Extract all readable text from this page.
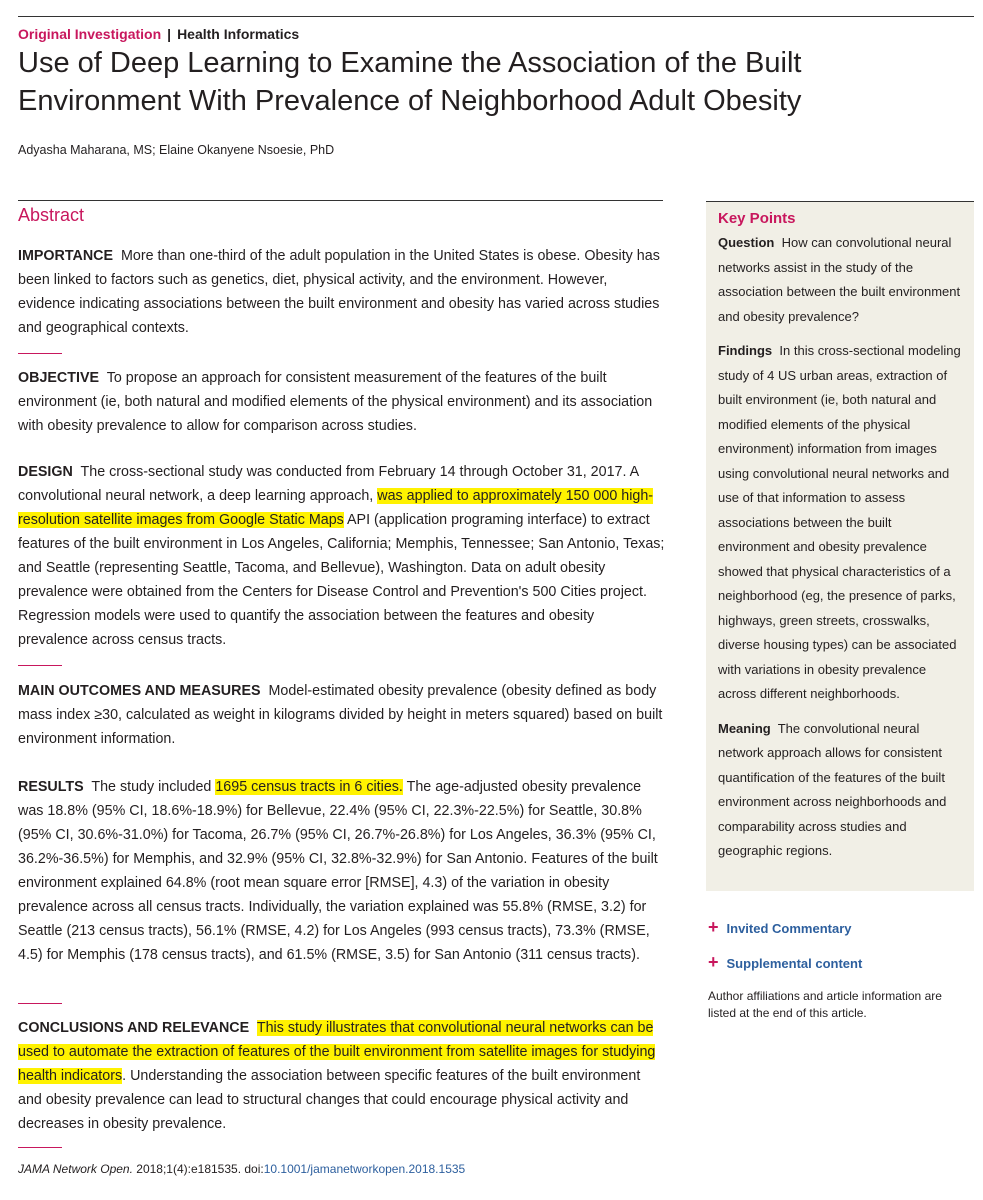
Original Investigation | Health Informatics
Use of Deep Learning to Examine the Association of the Built Environment With Prevalence of Neighborhood Adult Obesity
Adyasha Maharana, MS; Elaine Okanyene Nsoesie, PhD
Abstract

IMPORTANCE More than one-third of the adult population in the United States is obese. Obesity has been linked to factors such as genetics, diet, physical activity, and the environment. However, evidence indicating associations between the built environment and obesity has varied across studies and geographical contexts.

OBJECTIVE To propose an approach for consistent measurement of the features of the built environment (ie, both natural and modified elements of the physical environment) and its association with obesity prevalence to allow for comparison across studies.

DESIGN The cross-sectional study was conducted from February 14 through October 31, 2017. A convolutional neural network, a deep learning approach, was applied to approximately 150 000 high-resolution satellite images from Google Static Maps API (application programing interface) to extract features of the built environment in Los Angeles, California; Memphis, Tennessee; San Antonio, Texas; and Seattle (representing Seattle, Tacoma, and Bellevue), Washington. Data on adult obesity prevalence were obtained from the Centers for Disease Control and Prevention's 500 Cities project. Regression models were used to quantify the association between the features and obesity prevalence across census tracts.

MAIN OUTCOMES AND MEASURES Model-estimated obesity prevalence (obesity defined as body mass index ≥30, calculated as weight in kilograms divided by height in meters squared) based on built environment information.

RESULTS The study included 1695 census tracts in 6 cities. The age-adjusted obesity prevalence was 18.8% (95% CI, 18.6%-18.9%) for Bellevue, 22.4% (95% CI, 22.3%-22.5%) for Seattle, 30.8% (95% CI, 30.6%-31.0%) for Tacoma, 26.7% (95% CI, 26.7%-26.8%) for Los Angeles, 36.3% (95% CI, 36.2%-36.5%) for Memphis, and 32.9% (95% CI, 32.8%-32.9%) for San Antonio. Features of the built environment explained 64.8% (root mean square error [RMSE], 4.3) of the variation in obesity prevalence across all census tracts. Individually, the variation explained was 55.8% (RMSE, 3.2) for Seattle (213 census tracts), 56.1% (RMSE, 4.2) for Los Angeles (993 census tracts), 73.3% (RMSE, 4.5) for Memphis (178 census tracts), and 61.5% (RMSE, 3.5) for San Antonio (311 census tracts).

CONCLUSIONS AND RELEVANCE This study illustrates that convolutional neural networks can be used to automate the extraction of features of the built environment from satellite images for studying health indicators. Understanding the association between specific features of the built environment and obesity prevalence can lead to structural changes that could encourage physical activity and decreases in obesity prevalence.

JAMA Network Open. 2018;1(4):e181535. doi:10.1001/jamanetworkopen.2018.1535
Key Points

Question How can convolutional neural networks assist in the study of the association between the built environment and obesity prevalence?

Findings In this cross-sectional modeling study of 4 US urban areas, extraction of built environment (ie, both natural and modified elements of the physical environment) information from images using convolutional neural networks and use of that information to assess associations between the built environment and obesity prevalence showed that physical characteristics of a neighborhood (eg, the presence of parks, highways, green streets, crosswalks, diverse housing types) can be associated with variations in obesity prevalence across different neighborhoods.

Meaning The convolutional neural network approach allows for consistent quantification of the features of the built environment across neighborhoods and comparability across studies and geographic regions.

+ Invited Commentary
+ Supplemental content
Author affiliations and article information are listed at the end of this article.
